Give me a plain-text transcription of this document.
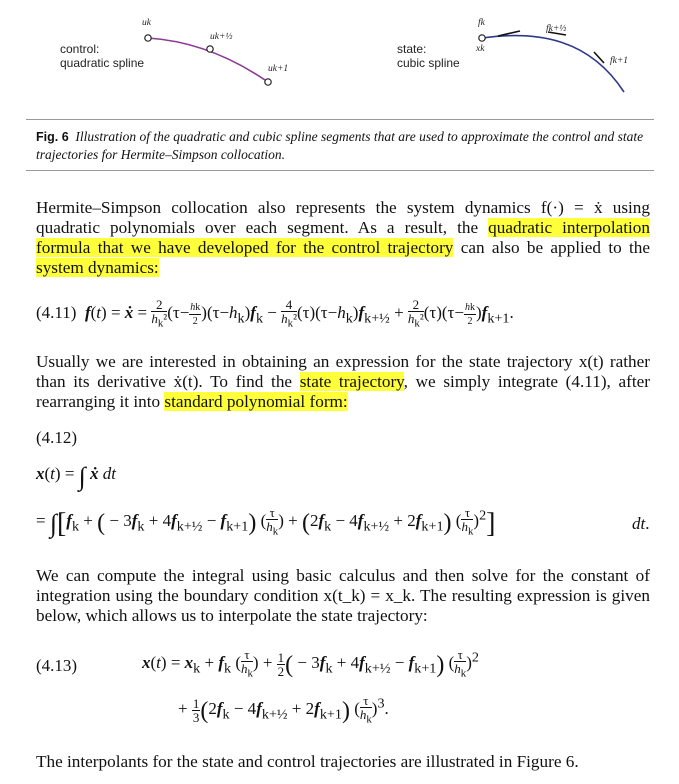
control:
quadratic spline
uk
uk+½
uk+1
state:
cubic spline
fk
xk
fk+½
fk+1
Fig. 6 Illustration of the quadratic and cubic spline segments that are used to approximate the control and state trajectories for Hermite–Simpson collocation.
Hermite–Simpson collocation also represents the system dynamics f(·) = ẋ using quadratic polynomials over each segment. As a result, the quadratic interpolation formula that we have developed for the control trajectory can also be applied to the system dynamics:
(4.11)  f(t) = ẋ = $\frac{2}{h_k^2} (\tau- \frac{hk}{2} )(\tau-h_k)f_k - \frac{4}{h_k^2} (\tau)(\tau-h_k)f_{k+\frac{1}{2}} + \frac{2}{h_k^2} (\tau)(\tau- \frac{hk}{2} )f_{k+1}$.
Usually we are interested in obtaining an expression for the state trajectory x(t) rather than its derivative ẋ(t). To find the state trajectory, we simply integrate (4.11), after rearranging it into standard polynomial form:
(4.12)
x(t) = ∫ ẋ dt
= $\int[f_k$ + ( − $3f_k + 4f_{k+\frac{1}{2}} - f_{k+1}$) ( $\frac{\tau}{h_k}$ ) + $(2f_k - 4f_{k+\frac{1}{2}} + 2f_{k+1})$ ( $\frac{\tau}{h_k} )^2$]	dt.
We can compute the integral using basic calculus and then solve for the constant of integration using the boundary condition x(t_k) = x_k. The resulting expression is given below, which allows us to interpolate the state trajectory:
(4.13)	$x(t) = x_k + f_k$ ( $\frac{\tau}{h_k}$ ) + $\frac{1}{2}$ ( − $3f_k + 4f_{k+\frac{1}{2}} - f_{k+1}$) ( $\frac{\tau}{h_k} )^2$
+ $\frac{1}{3} (2f_k - 4f_{k+\frac{1}{2}} + 2f_{k+1})$ ( $\frac{\tau}{h_k} )^3$.
The interpolants for the state and control trajectories are illustrated in Figure 6.
